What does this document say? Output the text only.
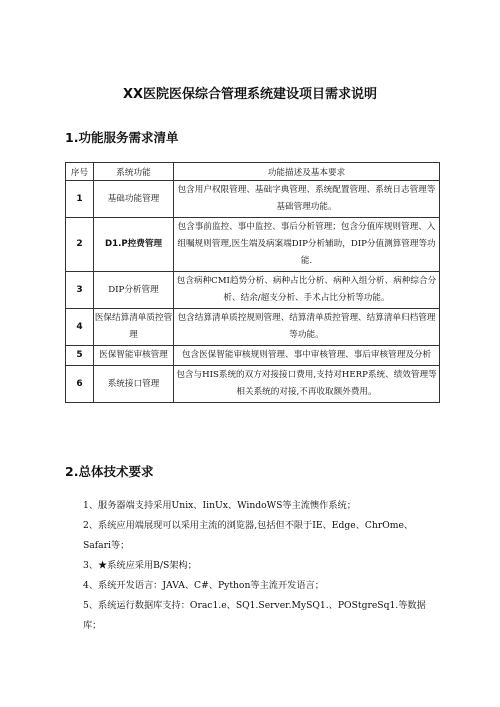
XX医院医保综合管理系统建设项目需求说明
1.功能服务需求清单
序号	系统功能	功能描述及基本要求
1	基础功能管理	包含用户权限管理、基础字典管理、系统配置管理、系统日志管理等基础管理功能。
2	D1.P控费管理	包含事前监控、事中监控、事后分析管理；包含分值库规则管理、入组嘱规则管理,医生端及病案端DIP分析辅助，DIP分值测算管理等功能.
3	DIP分析管理	包含病种CMI趋势分析、病种占比分析、病种入组分析、病种综合分析、结余/超支分析、手术占比分析等功能。
4	医保结算清单质控管理	包含结算清单质控规则管理、结算清单质控管理、结算清单归档管理等功能。
5	医保智能审核管理	包含医保智能审核规则管理、事中审核管理、事后审核管理及分析
6	系统接口管理	包含与HIS系统的双方对接接口费用,支持对HERP系统、绩效管理等相关系统的对接,不再收取额外费用。
2.总体技术要求
1、服务器端支持采用Unix、IinUx、WindoWS等主流懊作系统；
2、系统应用端展现可以采用主流的浏览器,包括但不限于IE、Edge、ChrOme、Safari等；
3、★系统应采用B/S架构；
4、系统开发语言：JAVA、C#、Python等主流开发语言；
5、系统运行数据库支持：Orac1.e、SQ1.Server.MySQ1.、POStgreSq1.等数据库；
